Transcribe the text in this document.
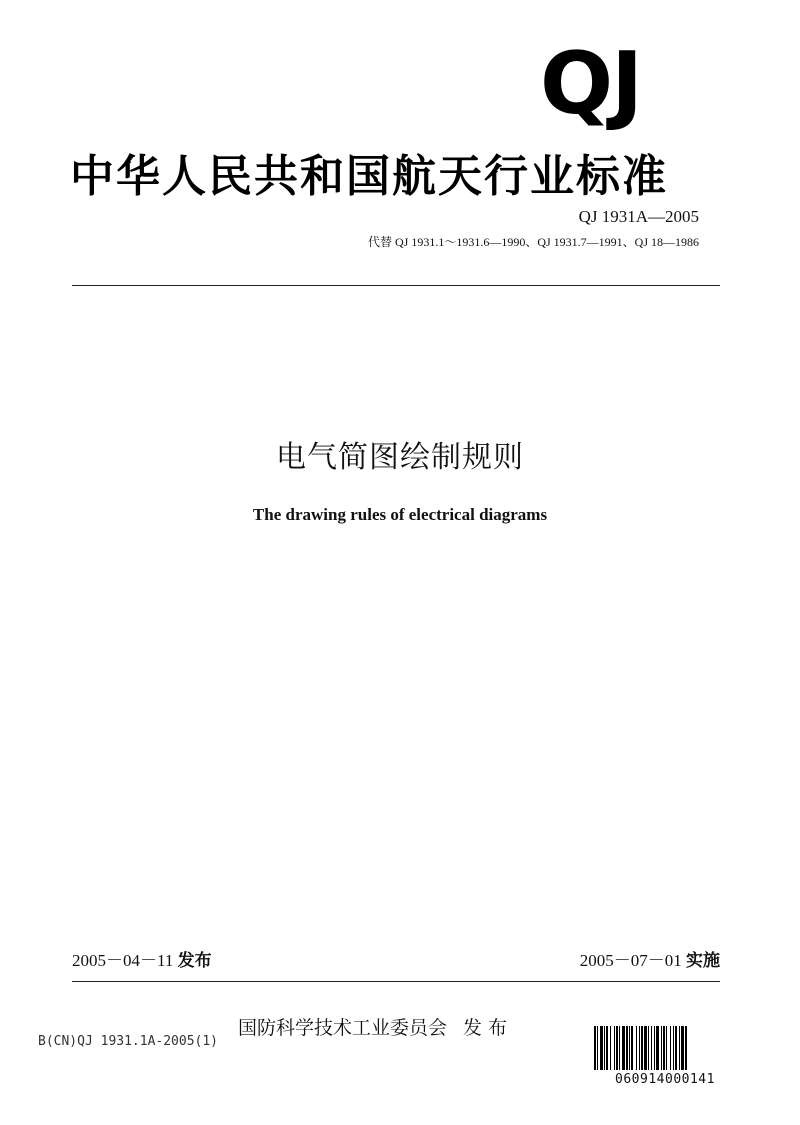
QJ
中华人民共和国航天行业标准
QJ 1931A—2005
代替 QJ 1931.1～1931.6—1990、QJ 1931.7—1991、QJ 18—1986
电气简图绘制规则
The drawing rules of electrical diagrams
2005－04－11 发布	2005－07－01 实施
国防科学技术工业委员会 发布
B(CN)QJ 1931.1A-2005(1)
060914000141
